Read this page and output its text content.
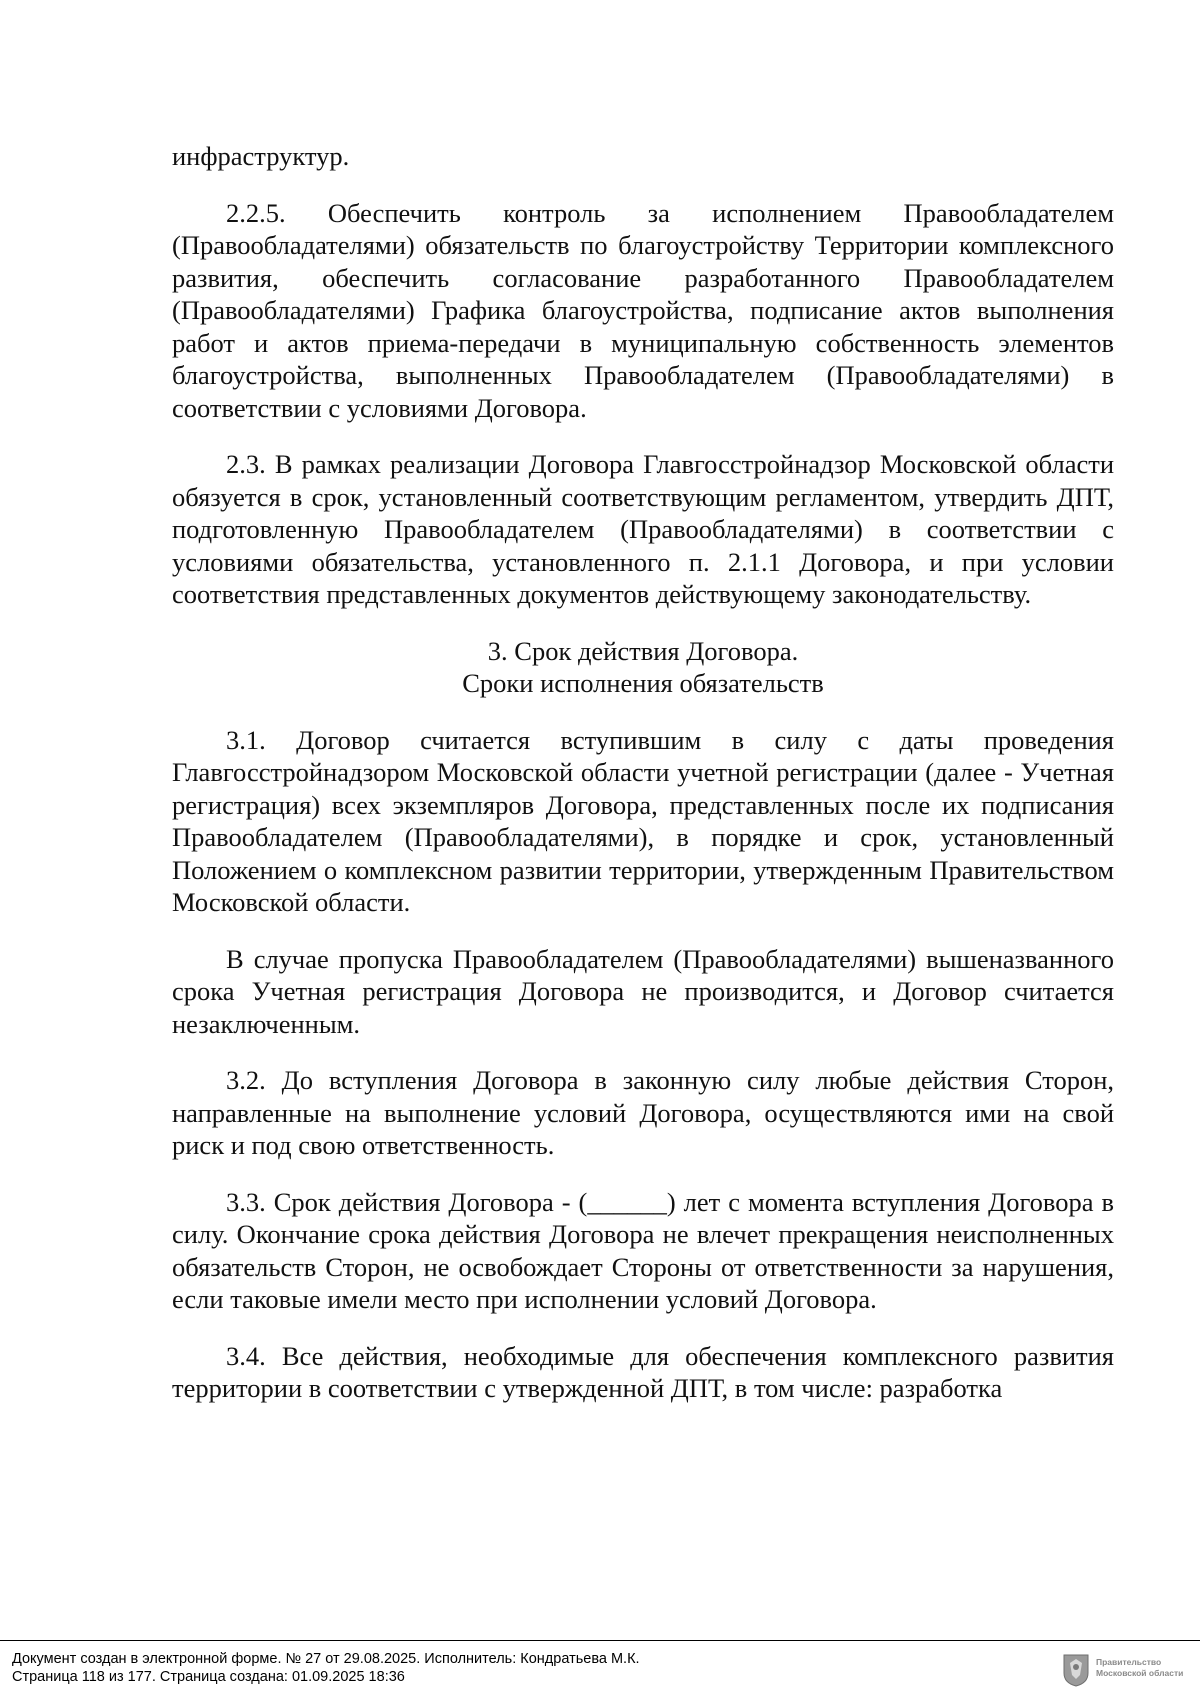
инфраструктур.

2.2.5. Обеспечить контроль за исполнением Правообладателем (Правообладателями) обязательств по благоустройству Территории комплексного развития, обеспечить согласование разработанного Правообладателем (Правообладателями) Графика благоустройства, подписание актов выполнения работ и актов приема-передачи в муниципальную собственность элементов благоустройства, выполненных Правообладателем (Правообладателями) в соответствии с условиями Договора.

2.3. В рамках реализации Договора Главгосстройнадзор Московской области обязуется в срок, установленный соответствующим регламентом, утвердить ДПТ, подготовленную Правообладателем (Правообладателями) в соответствии с условиями обязательства, установленного п. 2.1.1 Договора, и при условии соответствия представленных документов действующему законодательству.

3. Срок действия Договора.
Сроки исполнения обязательств

3.1. Договор считается вступившим в силу с даты проведения Главгосстройнадзором Московской области учетной регистрации (далее - Учетная регистрация) всех экземпляров Договора, представленных после их подписания Правообладателем (Правообладателями), в порядке и срок, установленный Положением о комплексном развитии территории, утвержденным Правительством Московской области.

В случае пропуска Правообладателем (Правообладателями) вышеназванного срока Учетная регистрация Договора не производится, и Договор считается незаключенным.

3.2. До вступления Договора в законную силу любые действия Сторон, направленные на выполнение условий Договора, осуществляются ими на свой риск и под свою ответственность.

3.3. Срок действия Договора - (______) лет с момента вступления Договора в силу. Окончание срока действия Договора не влечет прекращения неисполненных обязательств Сторон, не освобождает Стороны от ответственности за нарушения, если таковые имели место при исполнении условий Договора.

3.4. Все действия, необходимые для обеспечения комплексного развития территории в соответствии с утвержденной ДПТ, в том числе: разработка

Документ создан в электронной форме. № 27 от 29.08.2025. Исполнитель: Кондратьева М.К.
Страница 118 из 177. Страница создана: 01.09.2025 18:36
Правительство
Московской области
